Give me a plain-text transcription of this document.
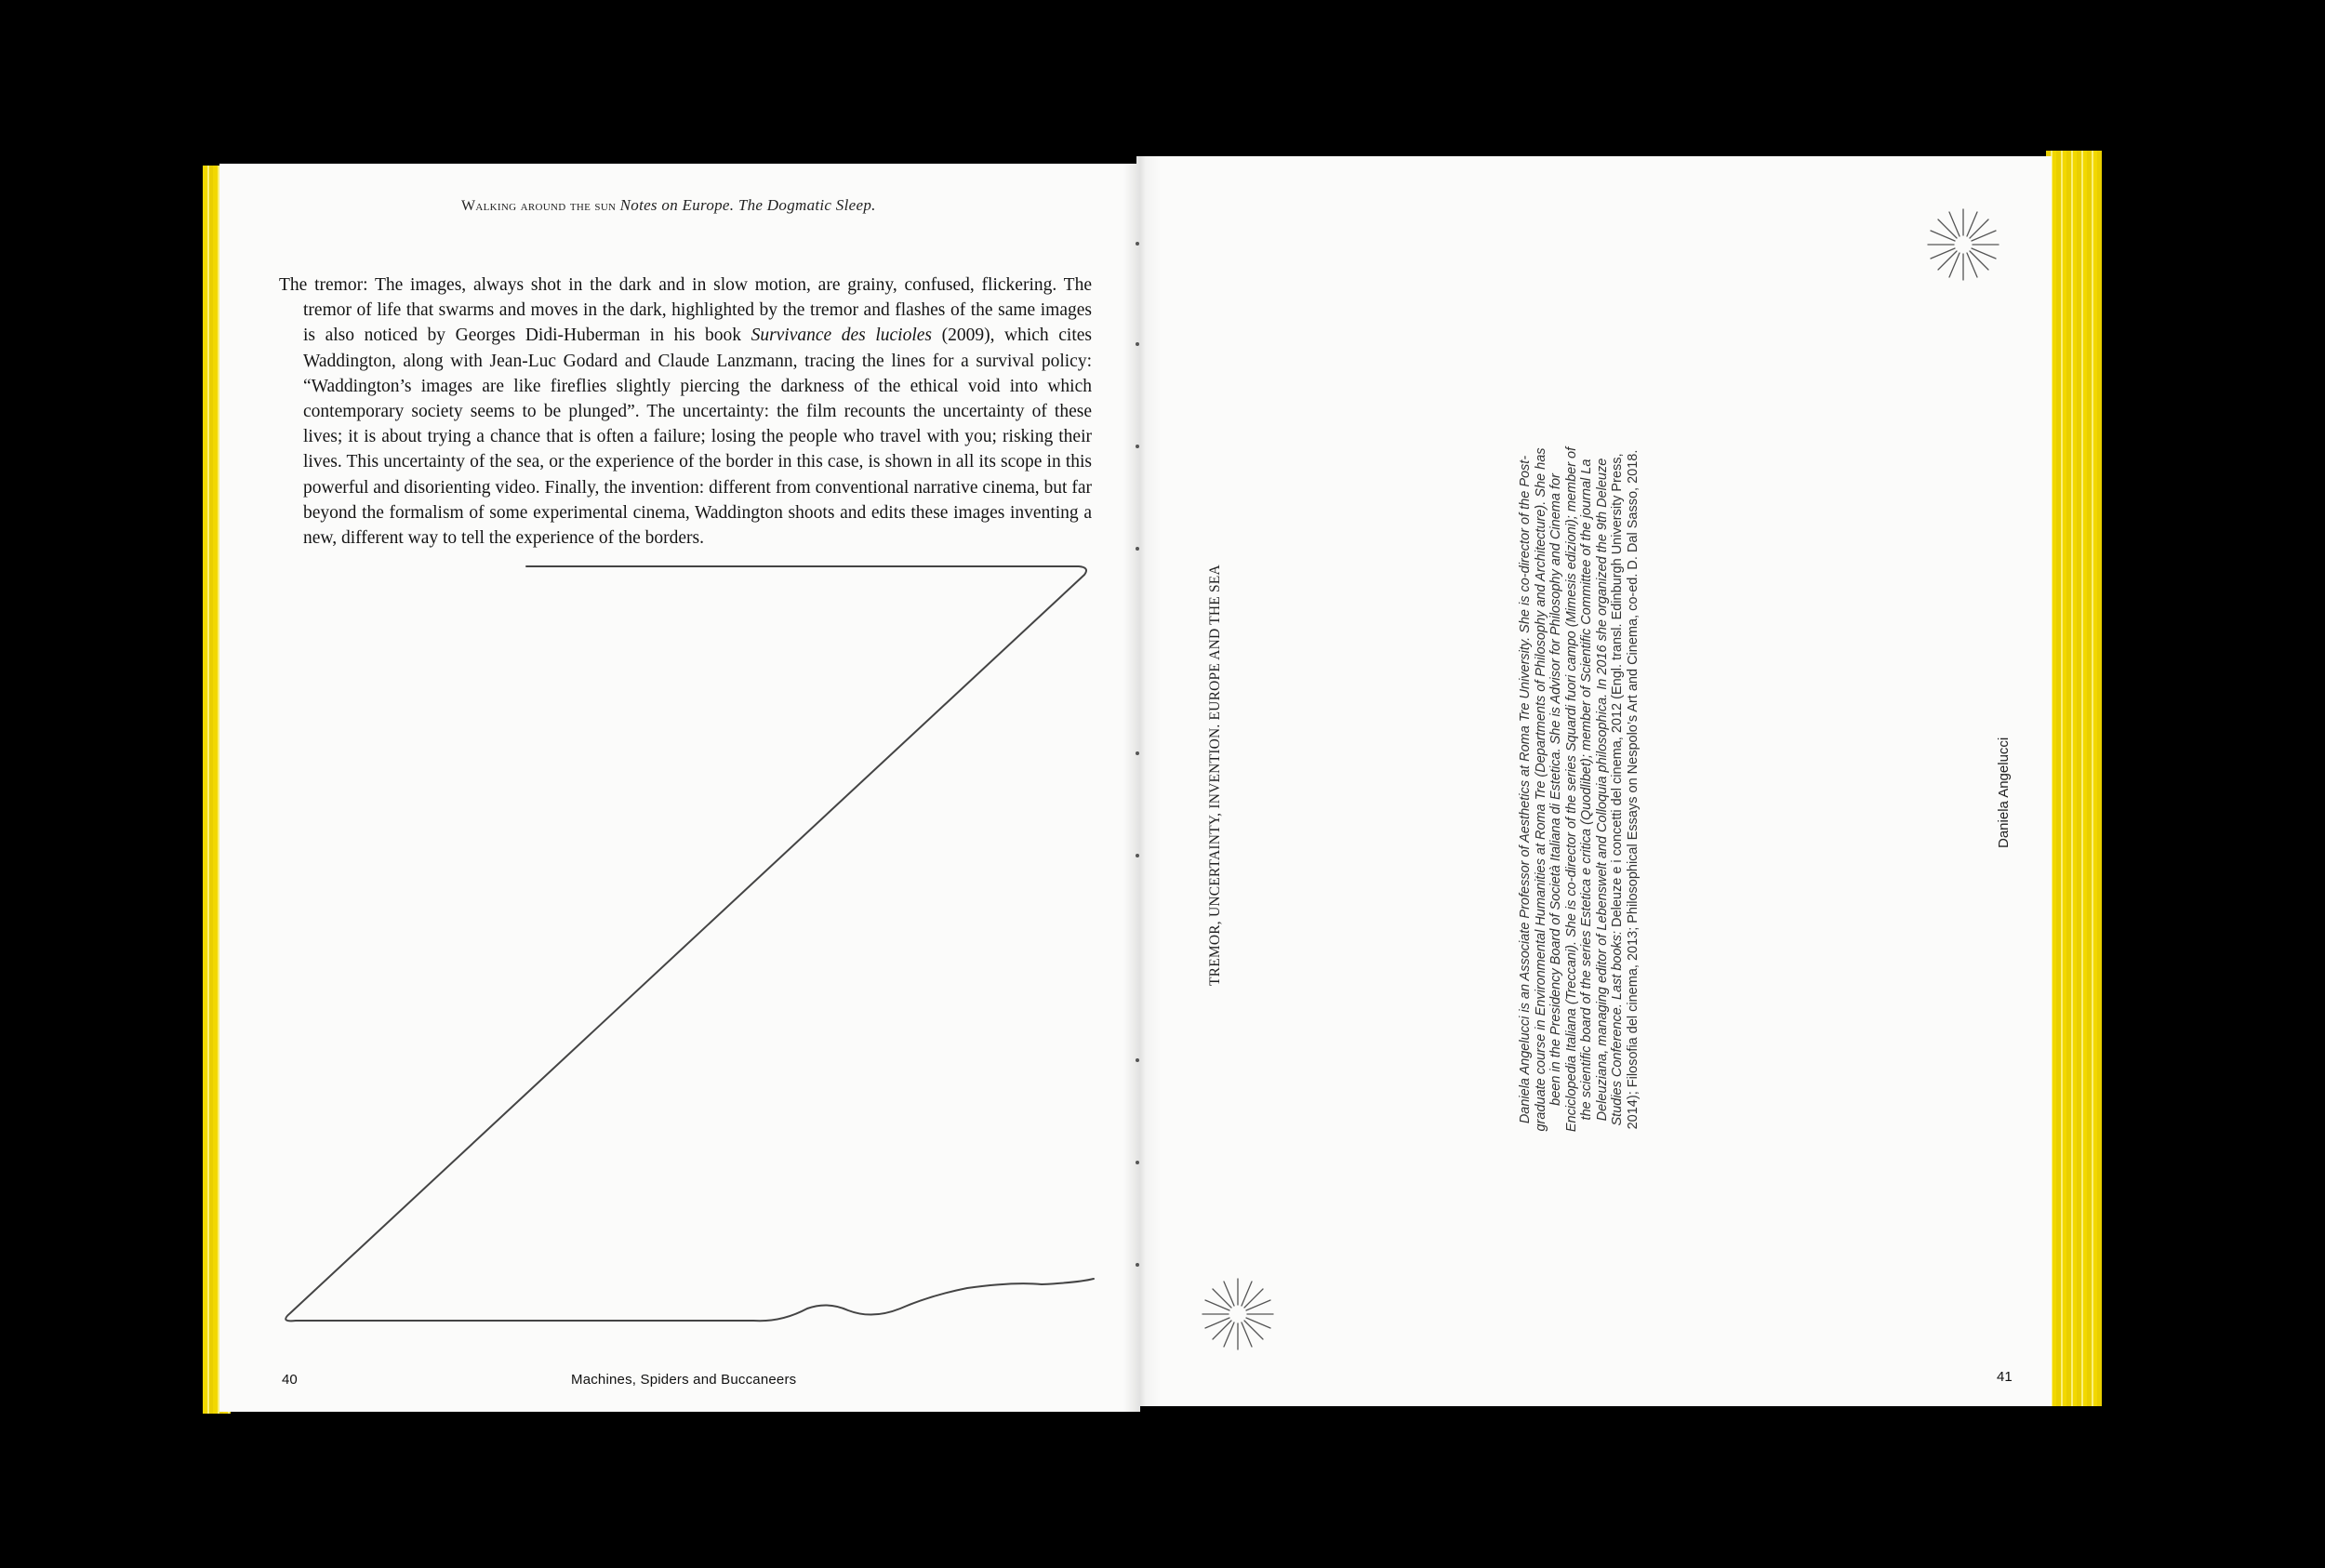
Walking around the sun Notes on Europe. The Dogmatic Sleep.

The tremor: The images, always shot in the dark and in slow motion, are grainy, confused, flickering. The tremor of life that swarms and moves in the dark, highlighted by the tremor and flashes of the same images is also noticed by Georges Didi-Huberman in his book Survivance des lucioles (2009), which cites Waddington, along with Jean-Luc Godard and Claude Lanzmann, tracing the lines for a survival policy: “Waddington’s images are like fireflies slightly piercing the darkness of the ethical void into which contemporary society seems to be plunged”. The uncertainty: the film recounts the uncertainty of these lives; it is about trying a chance that is often a failure; losing the people who travel with you; risking their lives. This uncertainty of the sea, or the experience of the border in this case, is shown in all its scope in this powerful and disorienting video. Finally, the invention: different from conventional narrative cinema, but far beyond the formalism of some experimental cinema, Waddington shoots and edits these images inventing a new, different way to tell the experience of the borders.

40	Machines, Spiders and Buccaneers
TREMOR, UNCERTAINTY, INVENTION. EUROPE AND THE SEA

Daniela Angelucci is an Associate Professor of Aesthetics at Roma Tre University. She is co-director of the Post-graduate course in Environmental Humanities at Roma Tre (Departments of Philosophy and Architecture). She has been in the Presidency Board of Società Italiana di Estetica. She is Advisor for Philosophy and Cinema for Enciclopedia Italiana (Treccani). She is co-director of the series Squardi fuori campo (Mimesis edizioni); member of the scientific board of the series Estetica e critica (Quodlibet); member of Scientific Committee of the journal La Deleuziana, managing editor of Lebenswelt and Colloquia philosophica. In 2016 she organized the 9th Deleuze Studies Conference. Last books: Deleuze e i concetti del cinema, 2012 (Engl. transl. Edinburgh University Press, 2014); Filosofia del cinema, 2013; Philosophical Essays on Nespolo’s Art and Cinema, co-ed. D. Dal Sasso, 2018.	Daniela Angelucci
41
